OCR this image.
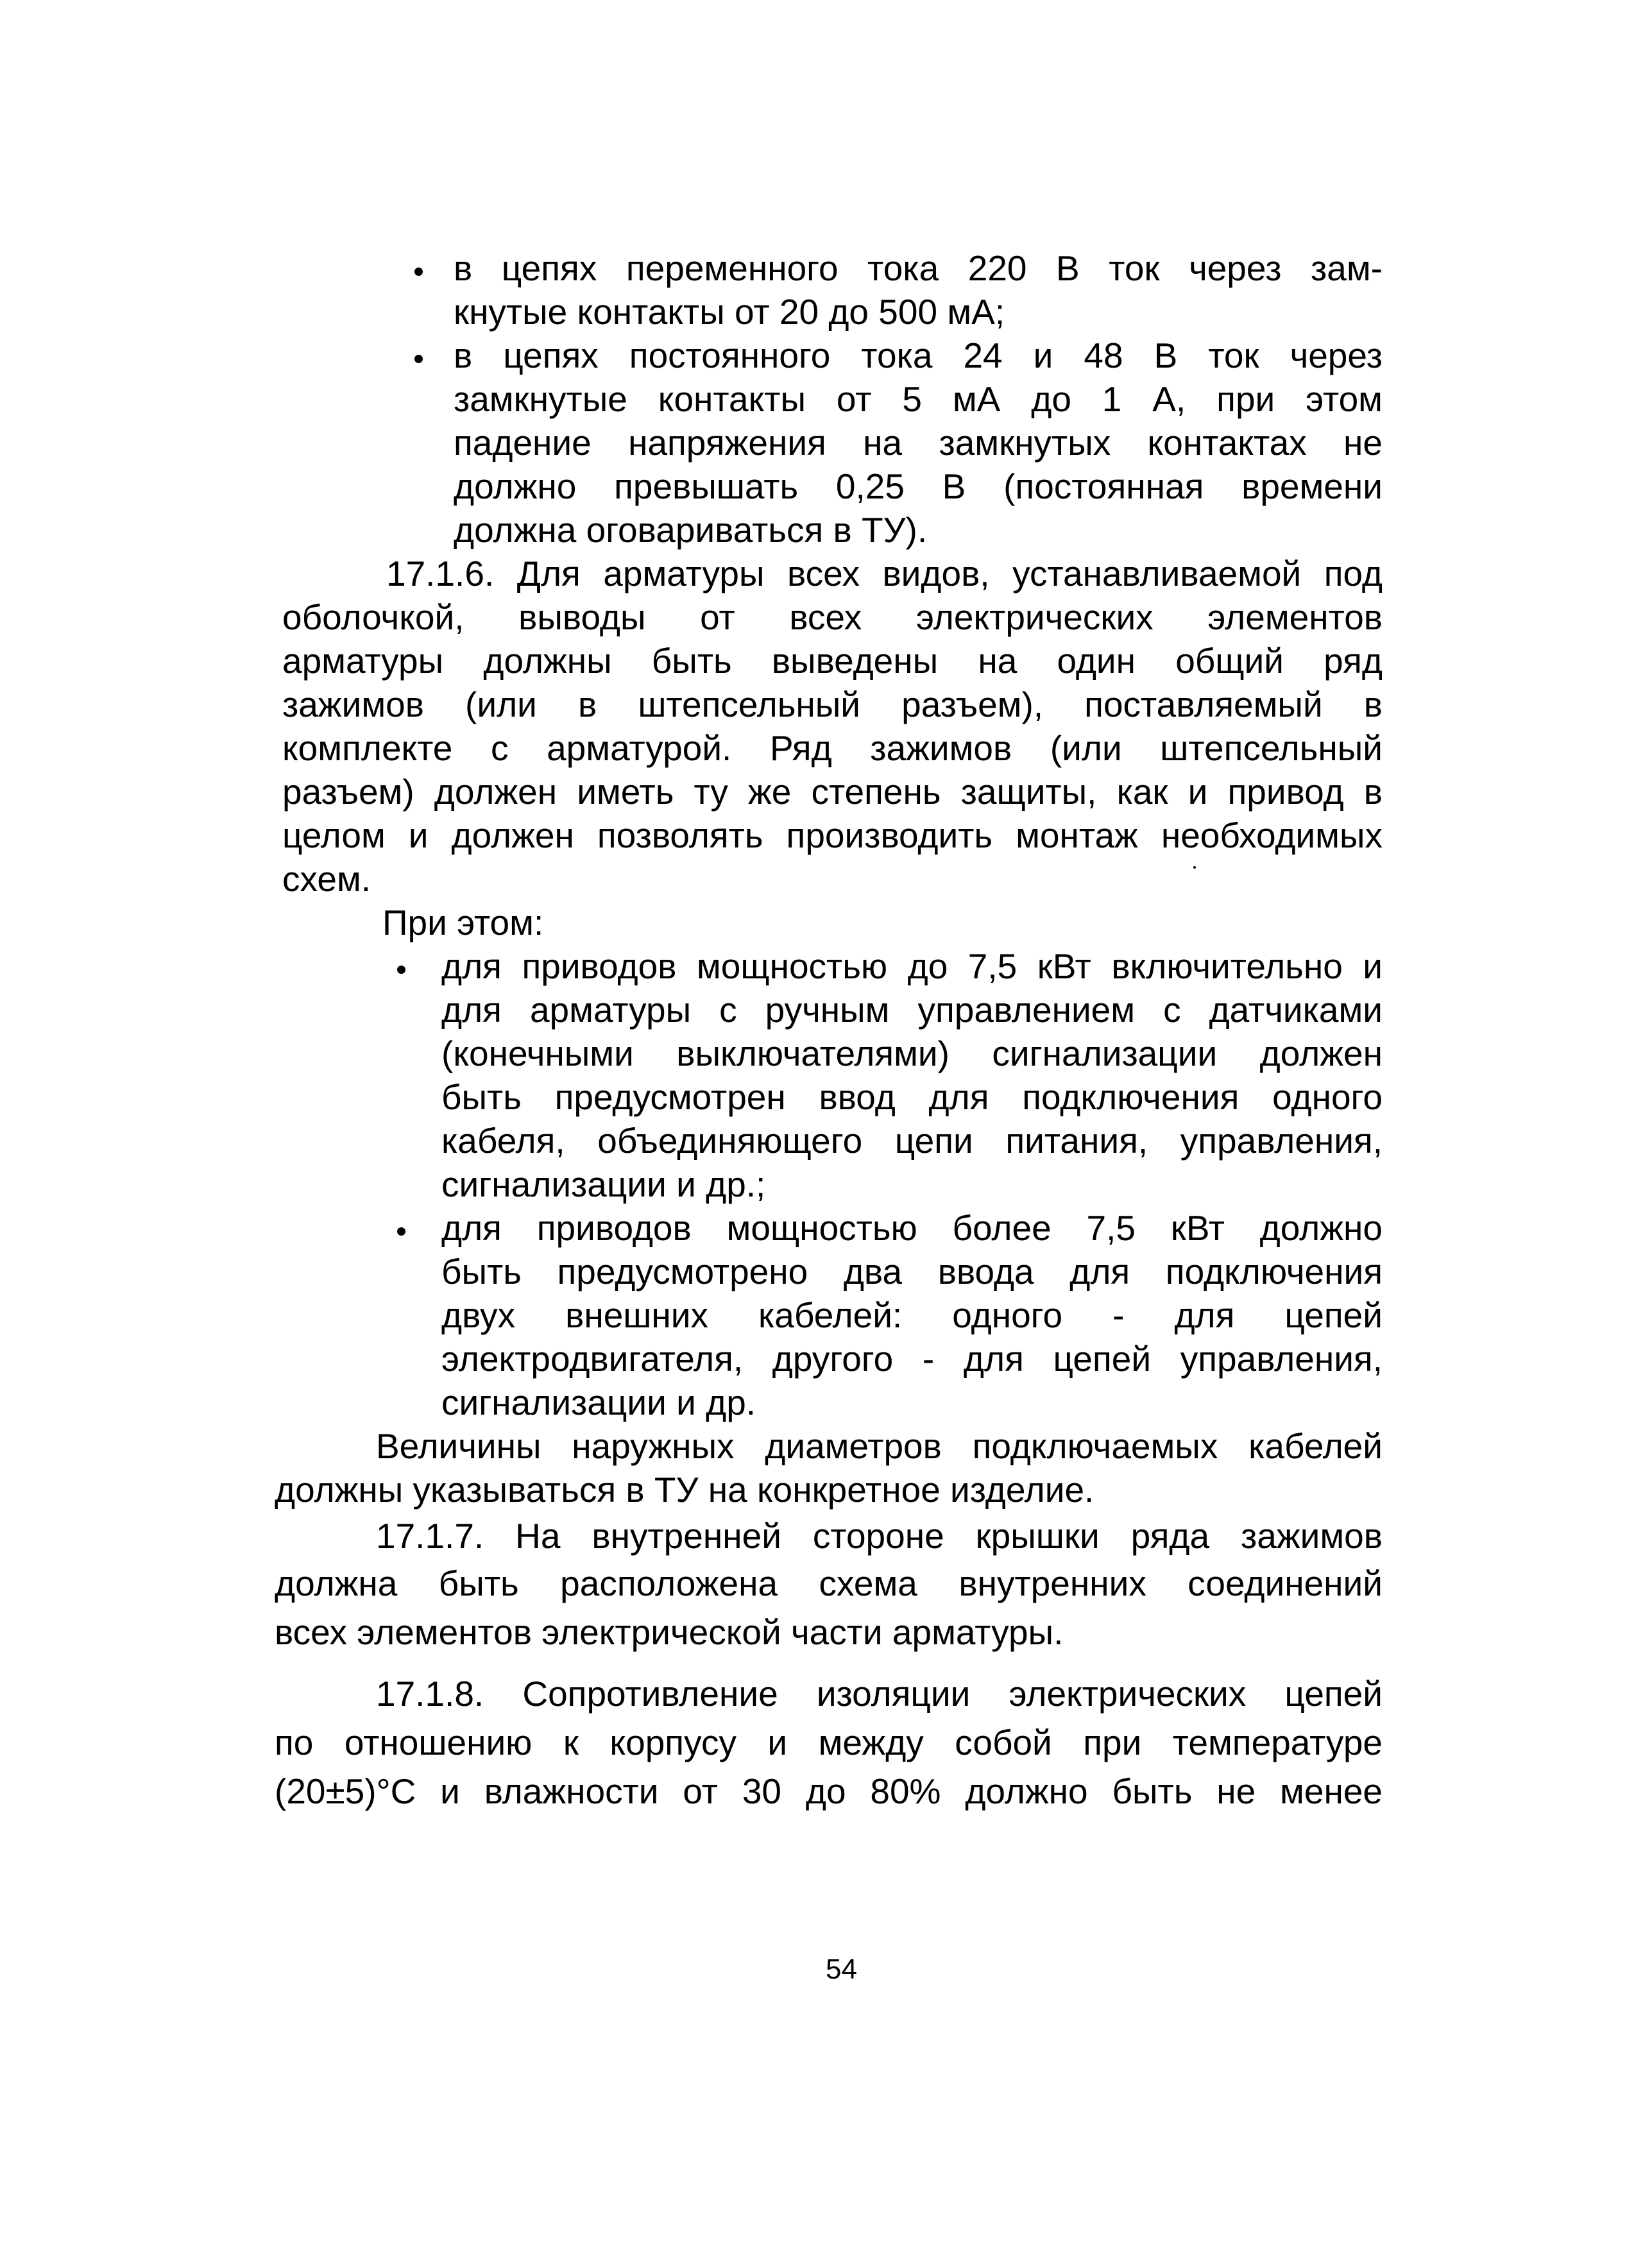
в цепях переменного тока 220 В ток через зам-
кнутые контакты от 20 до 500 мА;
в цепях постоянного тока 24 и 48 В ток через
замкнутые контакты от 5 мА до 1 А, при этом
падение напряжения на замкнутых контактах не
должно превышать 0,25 В (постоянная времени
должна оговариваться в ТУ).
17.1.6. Для арматуры всех видов, устанавливаемой под
оболочкой, выводы от всех электрических элементов
арматуры должны быть выведены на один общий ряд
зажимов (или в штепсельный разъем), поставляемый в
комплекте с арматурой. Ряд зажимов (или штепсельный
разъем) должен иметь ту же степень защиты, как и привод в
целом и должен позволять производить монтаж необходимых
схем.
При этом:
для приводов мощностью до 7,5 кВт включительно и
для арматуры с ручным управлением с датчиками
(конечными выключателями) сигнализации должен
быть предусмотрен ввод для подключения одного
кабеля, объединяющего цепи питания, управления,
сигнализации и др.;
для приводов мощностью более 7,5 кВт должно
быть предусмотрено два ввода для подключения
двух внешних кабелей: одного - для цепей
электродвигателя, другого - для цепей управления,
сигнализации и др.
Величины наружных диаметров подключаемых кабелей
должны указываться в ТУ на конкретное изделие.
17.1.7. На внутренней стороне крышки ряда зажимов
должна быть расположена схема внутренних соединений
всех элементов электрической части арматуры.
17.1.8. Сопротивление изоляции электрических цепей
по отношению к корпусу и между собой при температуре
(20±5)°С и влажности от 30 до 80% должно быть не менее
54
